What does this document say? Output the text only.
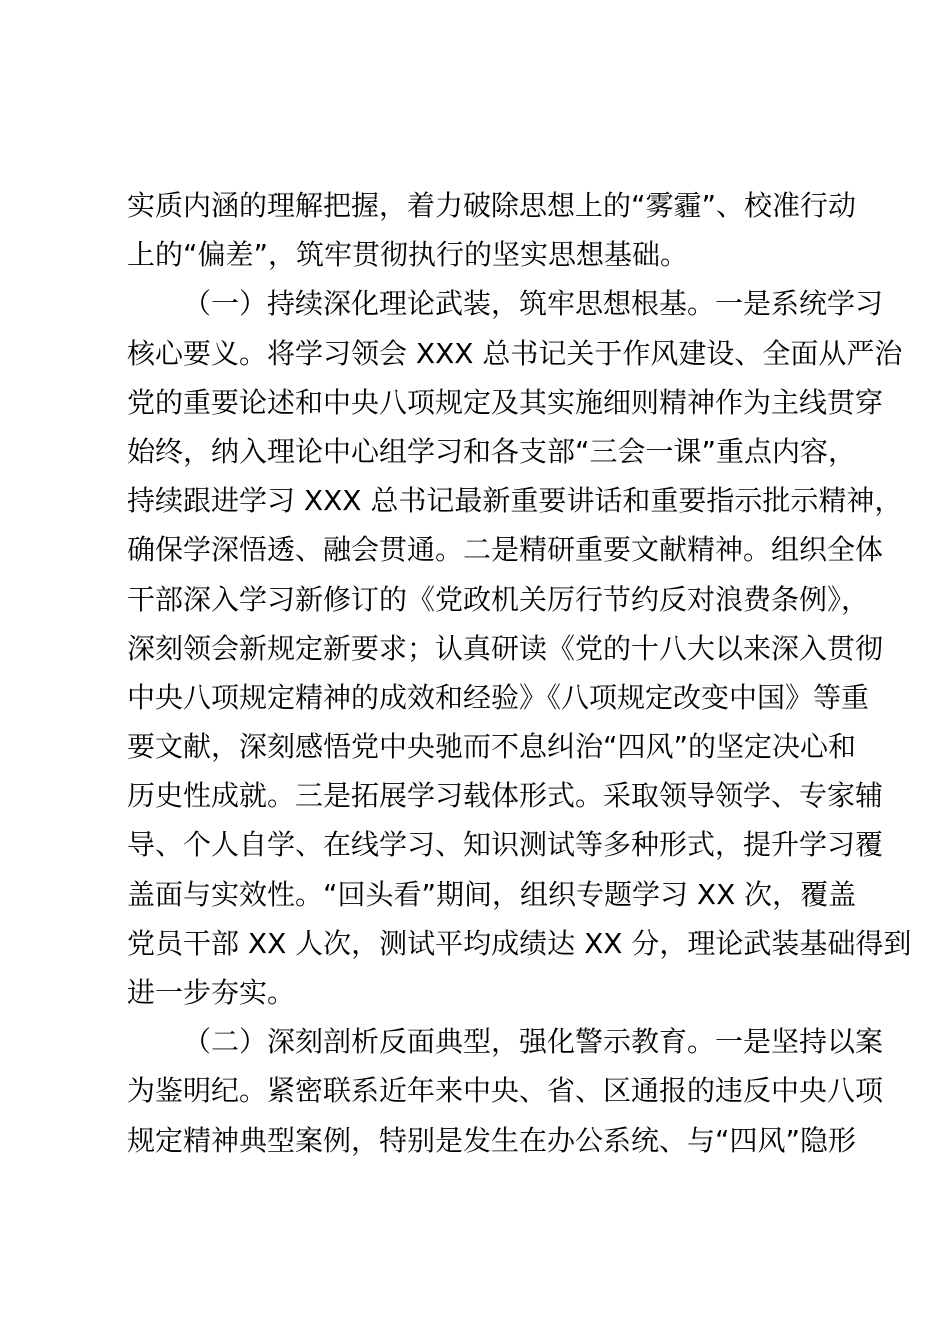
实质内涵的理解把握，着力破除思想上的“雾霾”、校准行动
上的“偏差”，筑牢贯彻执行的坚实思想基础。
（一）持续深化理论武装，筑牢思想根基。一是系统学习
核心要义。将学习领会 XXX 总书记关于作风建设、全面从严治
党的重要论述和中央八项规定及其实施细则精神作为主线贯穿
始终，纳入理论中心组学习和各支部“三会一课”重点内容，
持续跟进学习 XXX 总书记最新重要讲话和重要指示批示精神，
确保学深悟透、融会贯通。二是精研重要文献精神。组织全体
干部深入学习新修订的《党政机关厉行节约反对浪费条例》，
深刻领会新规定新要求；认真研读《党的十八大以来深入贯彻
中央八项规定精神的成效和经验》《八项规定改变中国》等重
要文献，深刻感悟党中央驰而不息纠治“四风”的坚定决心和
历史性成就。三是拓展学习载体形式。采取领导领学、专家辅
导、个人自学、在线学习、知识测试等多种形式，提升学习覆
盖面与实效性。“回头看”期间，组织专题学习 XX 次，覆盖
党员干部 XX 人次，测试平均成绩达 XX 分，理论武装基础得到
进一步夯实。
（二）深刻剖析反面典型，强化警示教育。一是坚持以案
为鉴明纪。紧密联系近年来中央、省、区通报的违反中央八项
规定精神典型案例，特别是发生在办公系统、与“四风”隐形
